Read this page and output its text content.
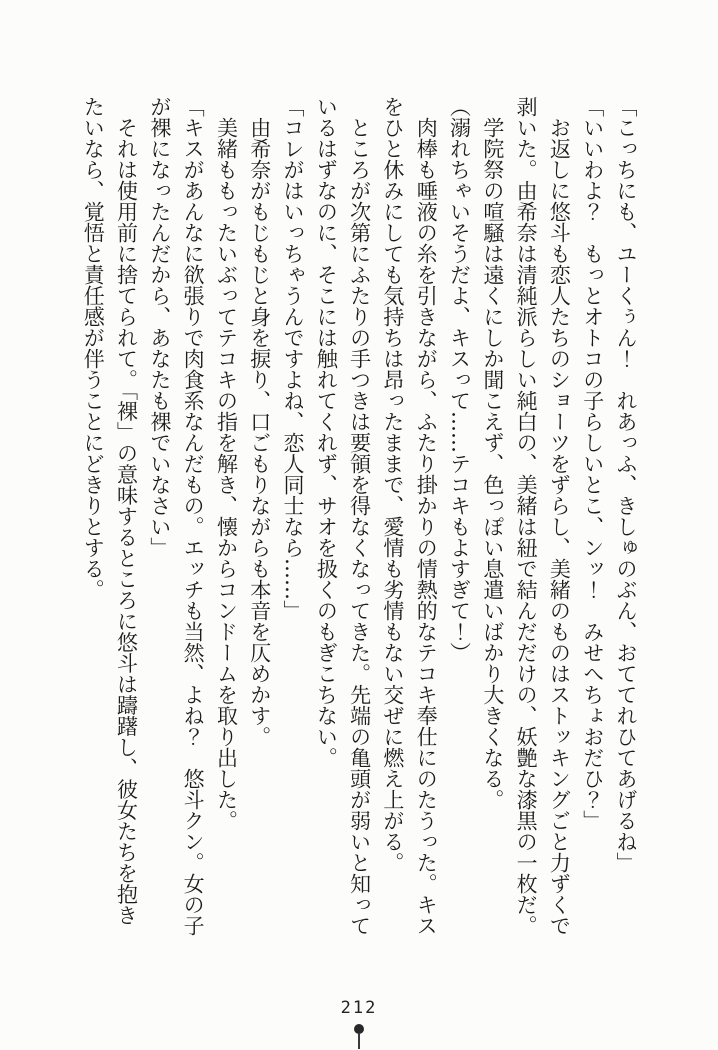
「こっちにも、ユーくぅん！　れあっふ、きしゅのぶん、おててれひてあげるね」

「いいわよ？　もっとオトコの子らしいとこ、ンッ！　みせへちょおだひ？」

　お返しに悠斗も恋人たちのショーツをずらし、美緒のものはストッキングごと力ずくで

剥いた。由希奈は清純派らしい純白の、美緒は紐で結んだだけの、妖艶な漆黒の一枚だ。

　学院祭の喧騒は遠くにしか聞こえず、色っぽい息遣いばかり大きくなる。

（溺れちゃいそうだよ、キスって……テコキもよすぎて！）

　肉棒も唾液の糸を引きながら、ふたり掛かりの情熱的なテコキ奉仕にのたうった。キス

をひと休みにしても気持ちは昂ったままで、愛情も劣情もない交ぜに燃え上がる。

　ところが次第にふたりの手つきは要領を得なくなってきた。先端の亀頭が弱いと知って

いるはずなのに、そこには触れてくれず、サオを扱くのもぎこちない。

「コレがはいっちゃうんですよね、恋人同士なら……」

　由希奈がもじもじと身を捩り、口ごもりながらも本音を仄めかす。

　美緒ももったいぶってテコキの指を解き、懐からコンドームを取り出した。

「キスがあんなに欲張りで肉食系なんだもの。エッチも当然、よね？　悠斗クン。女の子

が裸になったんだから、あなたも裸でいなさい」

　それは使用前に捨てられて。「裸」の意味するところに悠斗は躊躇し、彼女たちを抱き

たいなら、覚悟と責任感が伴うことにどきりとする。

212
